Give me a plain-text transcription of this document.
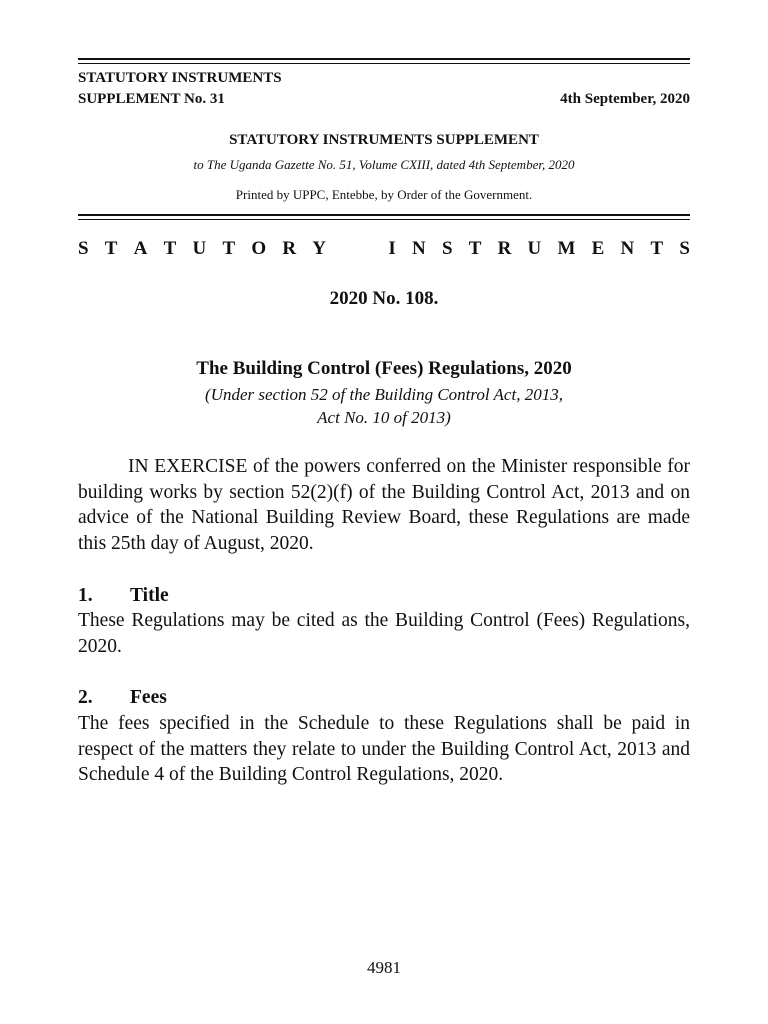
STATUTORY INSTRUMENTS
SUPPLEMENT No. 31	4th September, 2020
STATUTORY INSTRUMENTS SUPPLEMENT
to The Uganda Gazette No. 51, Volume CXIII, dated 4th September, 2020
Printed by UPPC, Entebbe, by Order of the Government.
S T A T U T O R Y	I N S T R U M E N T S
2020 No. 108.
The Building Control (Fees) Regulations, 2020
(Under section 52 of the Building Control Act, 2013,
Act No. 10 of 2013)
IN EXERCISE of the powers conferred on the Minister responsible for building works by section 52(2)(f) of the Building Control Act, 2013 and on advice of the National Building Review Board, these Regulations are made this 25th day of August, 2020.
1. Title
These Regulations may be cited as the Building Control (Fees) Regulations, 2020.
2. Fees
The fees specified in the Schedule to these Regulations shall be paid in respect of the matters they relate to under the Building Control Act, 2013 and Schedule 4 of the Building Control Regulations, 2020.
4981
